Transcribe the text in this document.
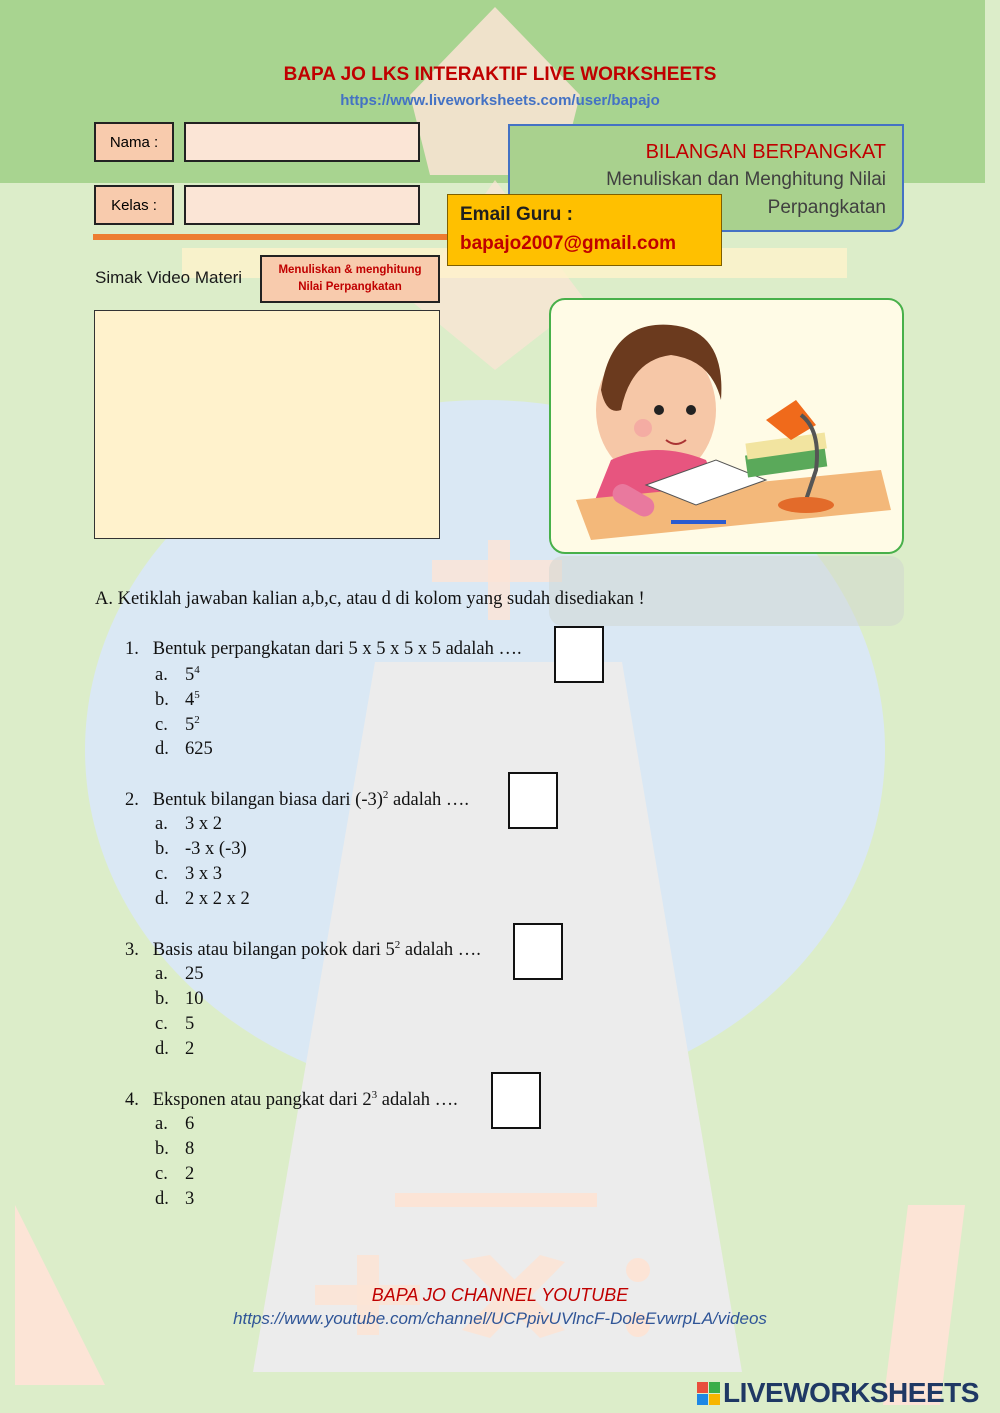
BAPA JO LKS INTERAKTIF LIVE WORKSHEETS
https://www.liveworksheets.com/user/bapajo
Nama :
Kelas :
BILANGAN BERPANGKAT
Menuliskan dan Menghitung Nilai
Perpangkatan
Email Guru :
bapajo2007@gmail.com
Simak Video Materi	Menuliskan & menghitung
Nilai Perpangkatan
A. Ketiklah jawaban kalian a,b,c, atau d di kolom yang sudah disediakan !
1. Bentuk perpangkatan dari 5 x 5 x 5 x 5 adalah ….
a. $5^4$
b. $4^5$
c. $5^2$
d. 625
2. Bentuk bilangan biasa dari $(-3)^2$ adalah ….
a. 3 x 2
b. -3 x (-3)
c. 3 x 3
d. 2 x 2 x 2
3. Basis atau bilangan pokok dari $5^2$ adalah ….
a. 25
b. 10
c. 5
d. 2
4. Eksponen atau pangkat dari $2^3$ adalah ….
a. 6
b. 8
c. 2
d. 3
BAPA JO CHANNEL YOUTUBE
https://www.youtube.com/channel/UCPpivUVlncF-DoleEvwrpLA/videos
LIVEWORKSHEETS
